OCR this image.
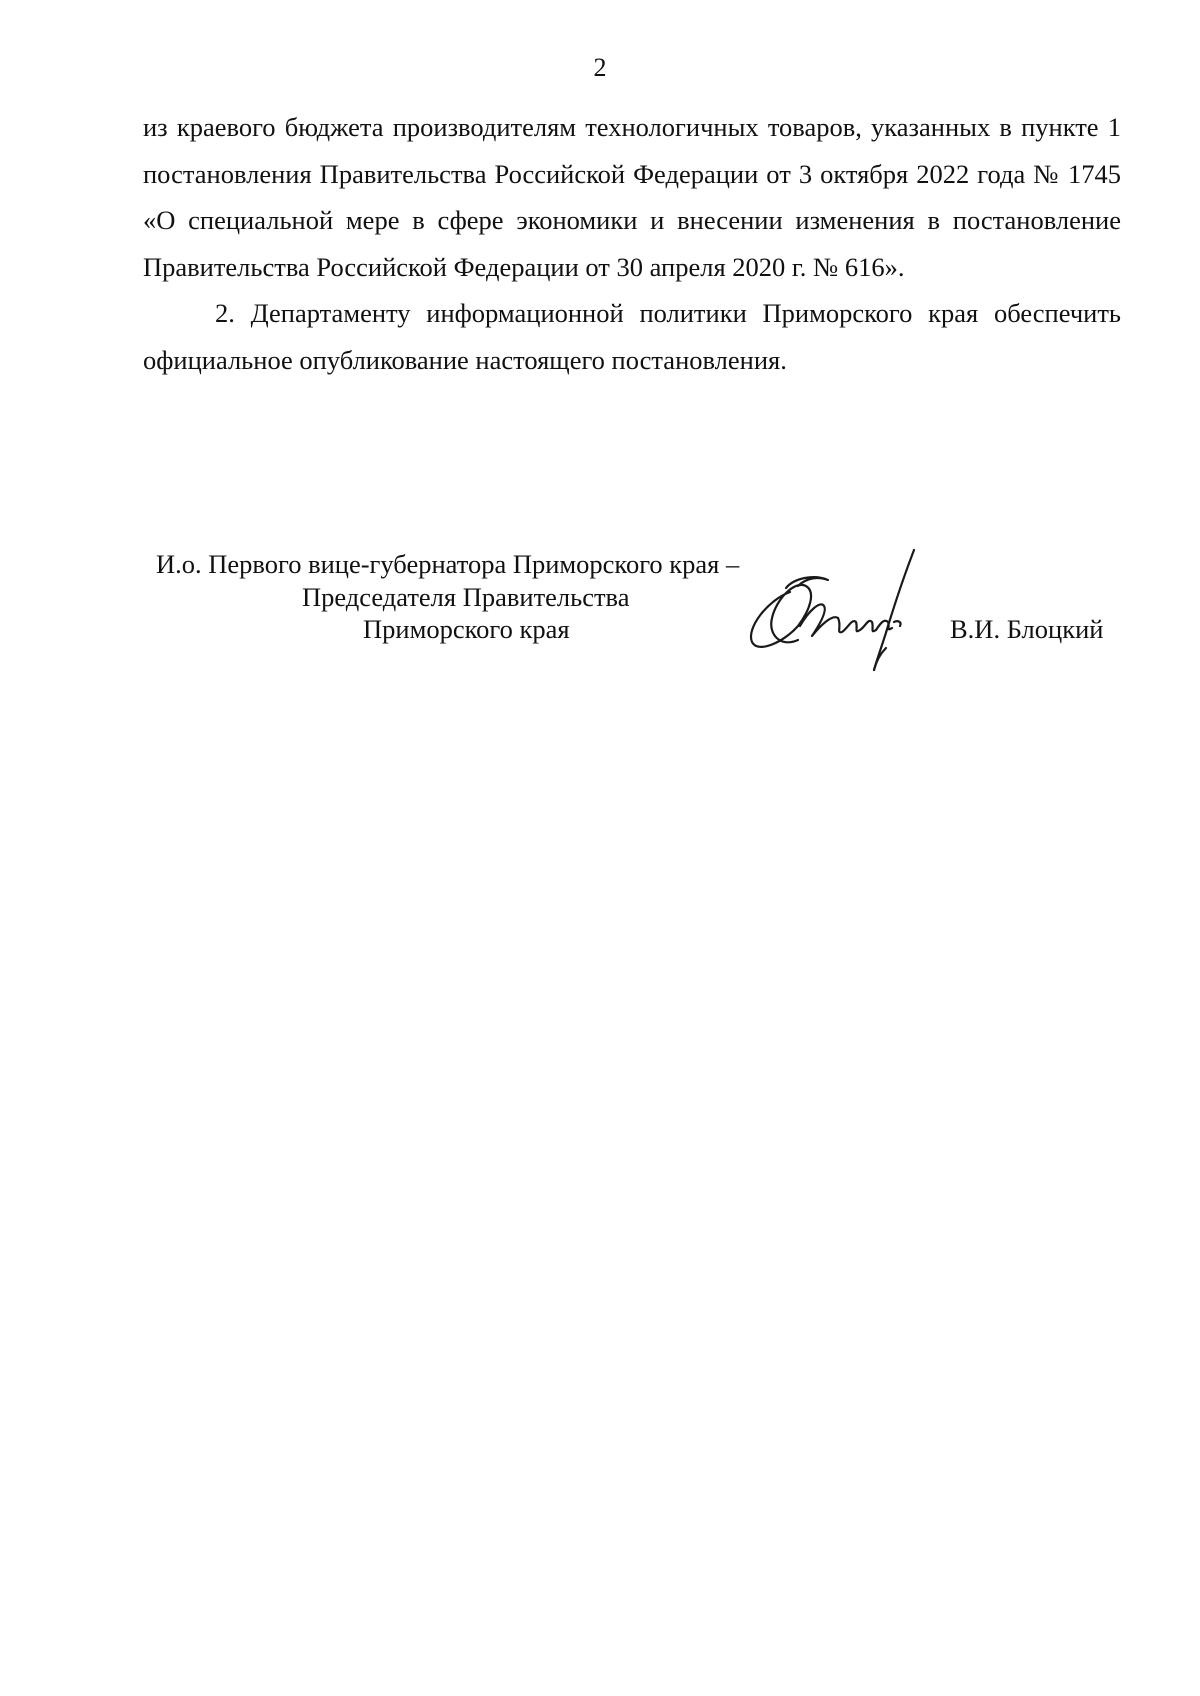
2

из краевого бюджета производителям технологичных товаров, указанных в пункте 1 постановления Правительства Российской Федерации от 3 октября 2022 года № 1745 «О специальной мере в сфере экономики и внесении изменения в постановление Правительства Российской Федерации от 30 апреля 2020 г. № 616».

2. Департаменту информационной политики Приморского края обеспечить официальное опубликование настоящего постановления.

И.о. Первого вице-губернатора Приморского края –
Председателя Правительства
Приморского края	В.И. Блоцкий
